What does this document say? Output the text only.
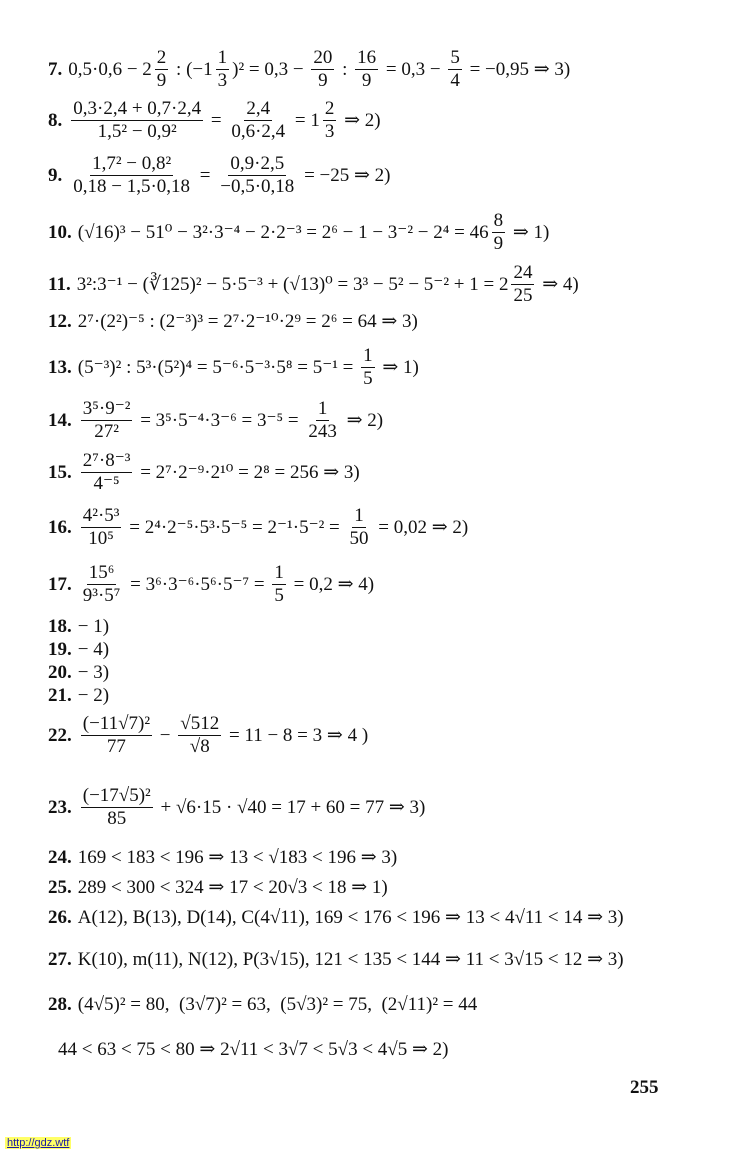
7. $0,5\cdot 0,6 - 2 \frac{2}{9}$ : $(-1 \frac{1}{3} )^2 = 0,3 - \frac{20}{9}$ : $\frac{16}{9} = 0,3 - \frac{5}{4} = -0,95$ ⇒ 3)
8. $\frac{0,3\cdot 2,4 + 0,7\cdot 2,4}{\text{1,5² − 0,9²}} = \frac{2,4}{0,6\cdot 2,4} = 1 \frac{2}{3}$ ⇒ 2)
9. $\frac{\text{1,7² − 0,8²}}{0,18 - 1,5\cdot 0,18} = \frac{0,9\cdot 2,5}{-0,5\cdot 0,18} = -25$ ⇒ 2)
10. $(√16)^3 - 51^0 - 3^2\cdot 3^{-4} - 2\cdot 2^{-3} = 2^6 - 1 - 3^{-2} - 2^4 = 46 \frac{8}{9}$ ⇒ 1)
11. 3²:3⁻¹ − (∛125)² − $5\cdot 5^{-3} + (√13)^0 = 3^3 - 5^2 - 5^{-2} + 1 = 2 \frac{24}{25}$ ⇒ 4)
12. 2⁷·(2²)⁻⁵ : (2⁻³)³ = 2⁷·2⁻¹⁰·2⁹ = 2⁶ = 64 ⇒ 3)
13. (5⁻³)² : $5^3\cdot(5^2)^4 = 5^{-6}\cdot 5^{-3}\cdot 5^8 = 5^{-1} = \frac{1}{5}$ ⇒ 1)
14. $\frac{\text{3⁵·9⁻²}}{\text{27²}} = 3^5\cdot 5^{-4}\cdot 3^{-6} = 3^{-5} = \frac{1}{243}$ ⇒ 2)
15. $\frac{\text{2⁷·8⁻³}}{\text{4⁻⁵}} = 2^7\cdot 2^{-9}\cdot 2^{10} = 2^8 = 256$ ⇒ 3)
16. $\frac{\text{4²·5³}}{\text{10⁵}} = 2^4\cdot 2^{-5}\cdot 5^3\cdot 5^{-5} = 2^{-1}\cdot 5^{-2} = \frac{1}{50} = 0,02$ ⇒ 2)
17. $\frac{\text{15⁶}}{\text{9³·5⁷}} = 3^6\cdot 3^{-6}\cdot 5^6\cdot 5^{-7} = \frac{1}{5} = 0,2$ ⇒ 4)
18. − 1)
19. − 4)
20. − 3)
21. − 2)
22. $\frac{\text{(−11√7)²}}{77} - \frac{√512}{√8} = 11 - 8 = 3$ ⇒ 4 )
23. $\frac{\text{(−17√5)²}}{85} + √6\cdot 15 \cdot √40 = 17 + 60 = 77$ ⇒ 3)
24. 169 < 183 < 196 ⇒ 13 < √183 < 196 ⇒ 3)
25. 289 < 300 < 324 ⇒ 17 < 20√3 < 18 ⇒ 1)
26. A(12), B(13), D(14), C(4√11), 169 < 176 < 196 ⇒ 13 < 4√11 < 14 ⇒ 3)
27. K(10), m(11), N(12), P(3√15), 121 < 135 < 144 ⇒ 11 < 3√15 < 12 ⇒ 3)
28. (4√5)² = 80,  (3√7)² = 63,  (5√3)² = 75,  (2√11)² = 44
44 < 63 < 75 < 80 ⇒ 2√11 < 3√7 < 5√3 < 4√5 ⇒ 2)
255
http://gdz.wtf
